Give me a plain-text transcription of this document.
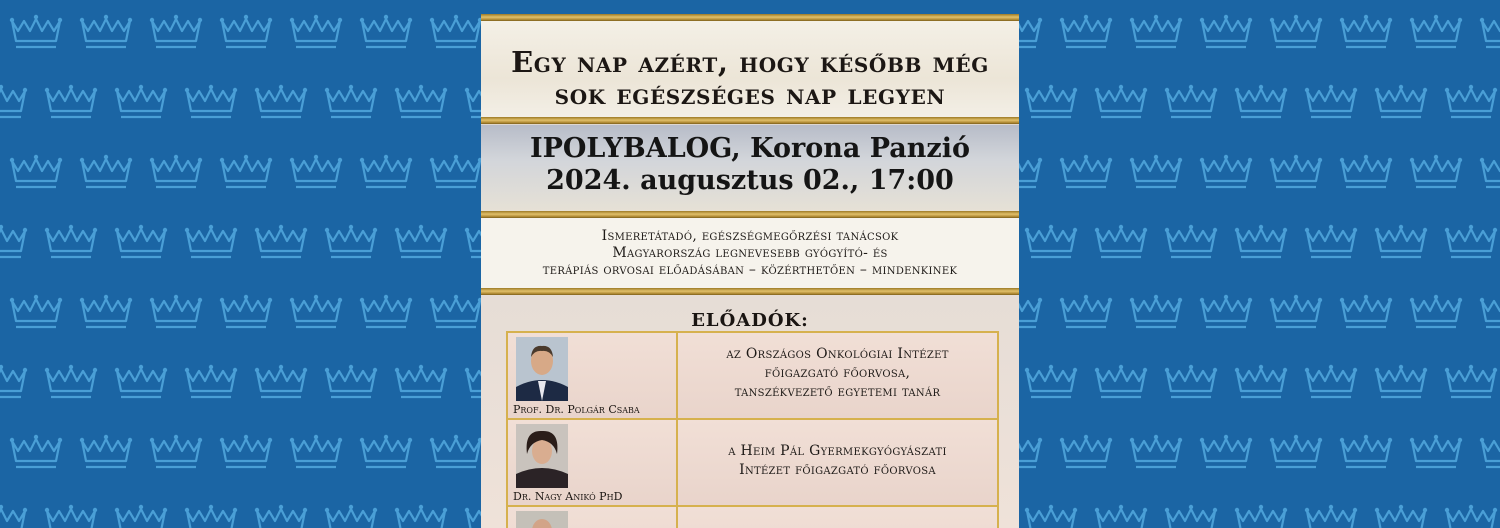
Egy nap azért, hogy később még
sok egészséges nap legyen
IPOLYBALOG, Korona Panzió
2024. augusztus 02., 17:00
Ismeretátadó, egészségmegőrzési tanácsok
Magyarország legnevesebb gyógyító- és
terápiás orvosai előadásában – közérthetően – mindenkinek
ELŐADÓK:
Prof. Dr. Polgár Csaba
az Országos Onkológiai Intézet
főigazgató főorvosa,
tanszékvezető egyetemi tanár
Dr. Nagy Anikó PhD
a Heim Pál Gyermekgyógyászati
Intézet főigazgató főorvosa
